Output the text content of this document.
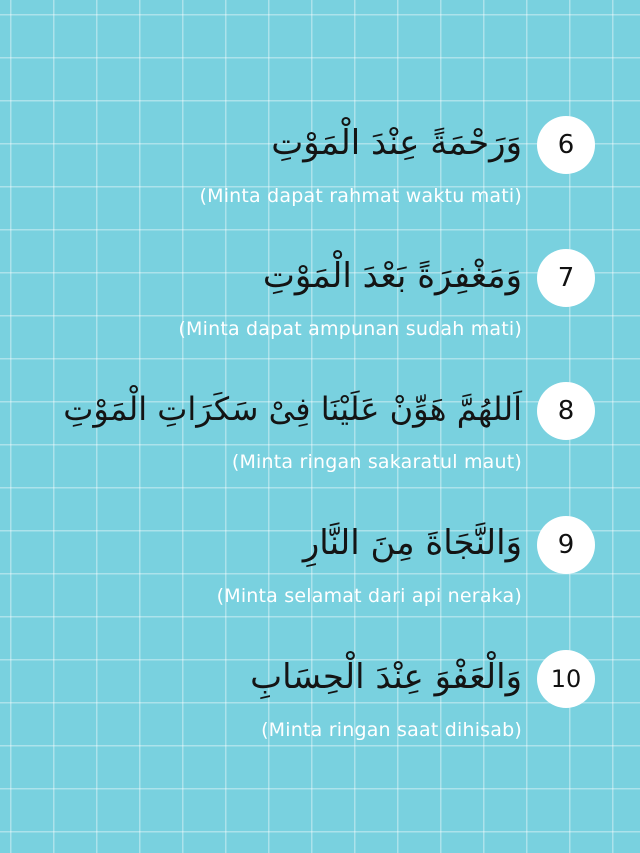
وَرَحْمَةً عِنْدَ الْمَوْتِ	6
(Minta dapat rahmat waktu mati)
وَمَغْفِرَةً بَعْدَ الْمَوْتِ	7
(Minta dapat ampunan sudah mati)
اَللهُمَّ هَوِّنْ عَلَيْنَا فِىْ سَكَرَاتِ الْمَوْتِ	8
(Minta ringan sakaratul maut)
وَالنَّجَاةَ مِنَ النَّارِ	9
(Minta selamat dari api neraka)
وَالْعَفْوَ عِنْدَ الْحِسَابِ	10
(Minta ringan saat dihisab)
